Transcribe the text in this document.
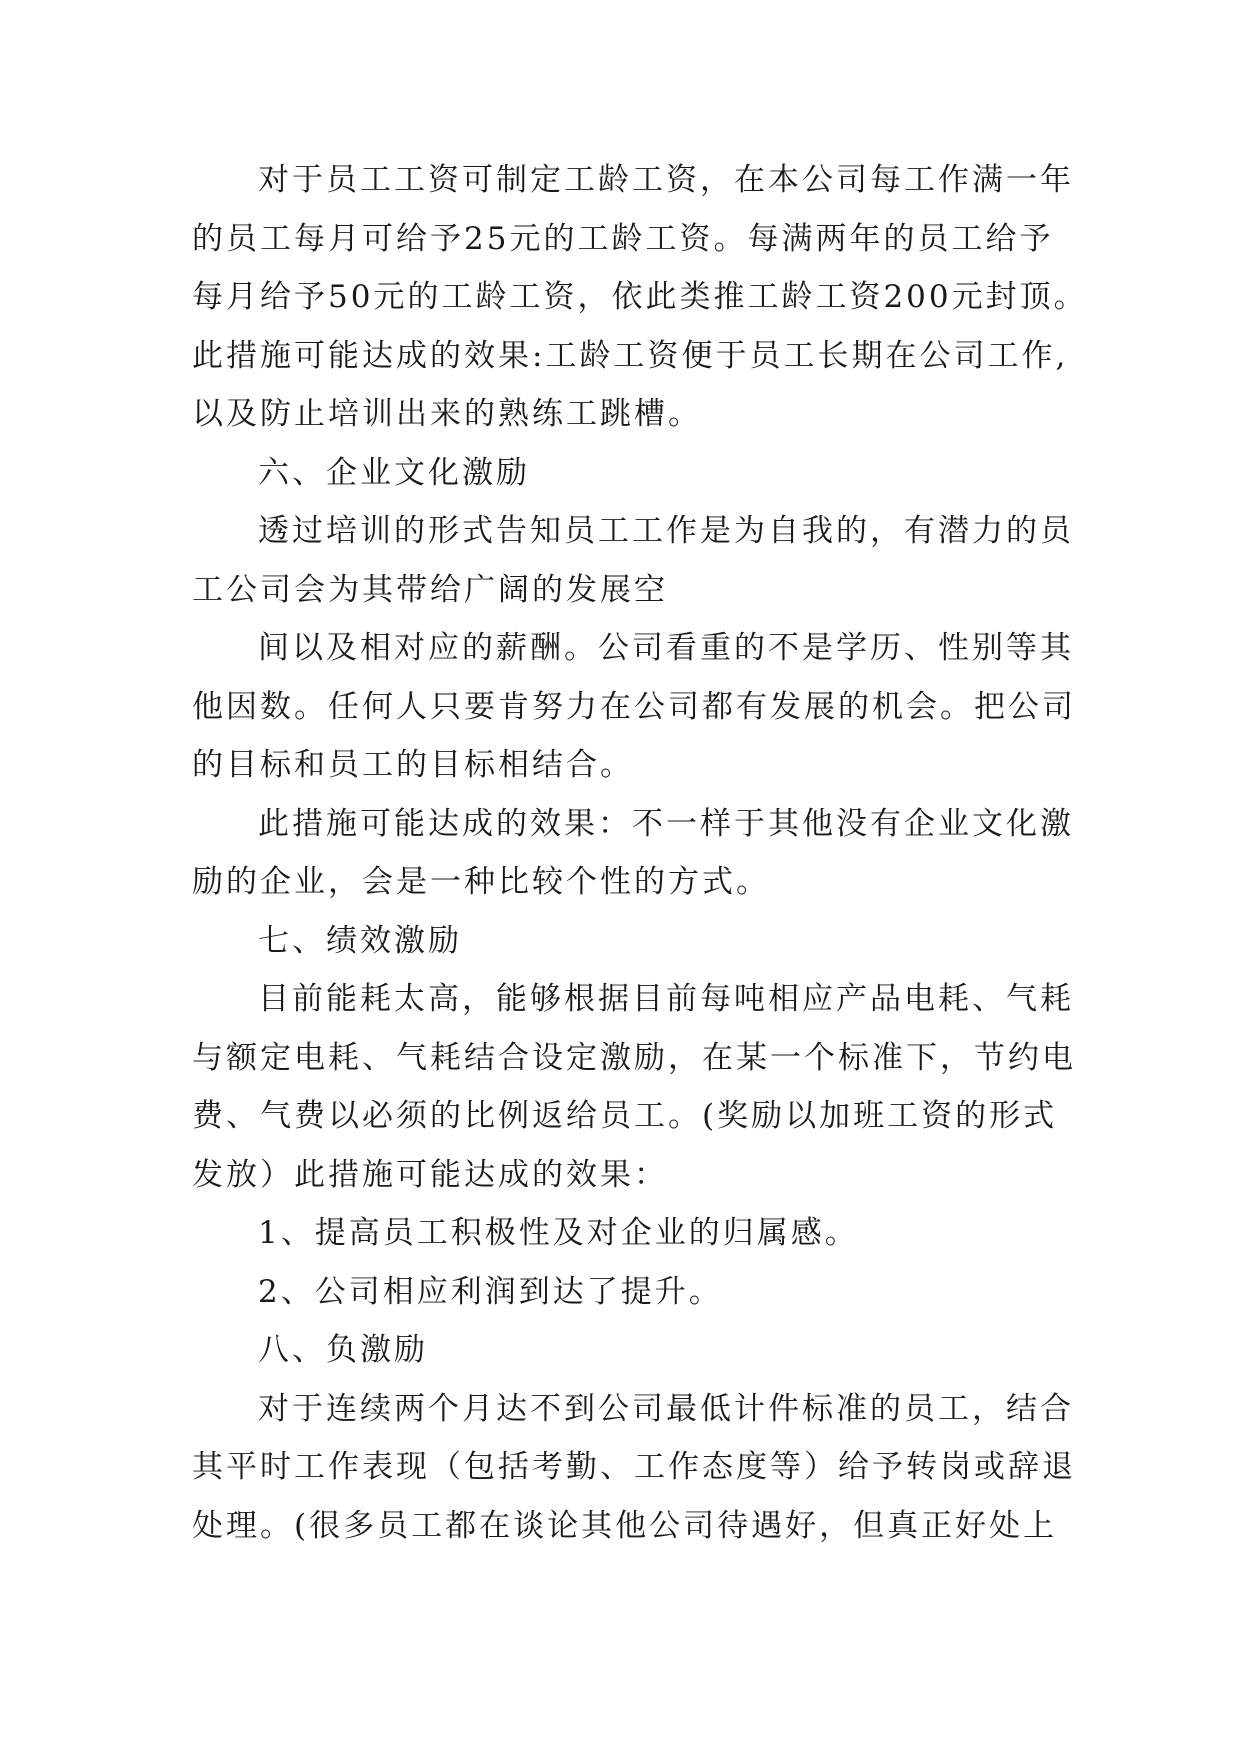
对于员工工资可制定工龄工资，在本公司每工作满一年
的员工每月可给予25元的工龄工资。每满两年的员工给予
每月给予50元的工龄工资，依此类推工龄工资200元封顶。
此措施可能达成的效果:工龄工资便于员工长期在公司工作,
以及防止培训出来的熟练工跳槽。
六、企业文化激励
透过培训的形式告知员工工作是为自我的，有潜力的员
工公司会为其带给广阔的发展空
间以及相对应的薪酬。公司看重的不是学历、性别等其
他因数。任何人只要肯努力在公司都有发展的机会。把公司
的目标和员工的目标相结合。
此措施可能达成的效果：不一样于其他没有企业文化激
励的企业，会是一种比较个性的方式。
七、绩效激励
目前能耗太高，能够根据目前每吨相应产品电耗、气耗
与额定电耗、气耗结合设定激励，在某一个标准下，节约电
费、气费以必须的比例返给员工。(奖励以加班工资的形式
发放）此措施可能达成的效果：
1、提高员工积极性及对企业的归属感。
2、公司相应利润到达了提升。
八、负激励
对于连续两个月达不到公司最低计件标准的员工，结合
其平时工作表现（包括考勤、工作态度等）给予转岗或辞退
处理。(很多员工都在谈论其他公司待遇好，但真正好处上
